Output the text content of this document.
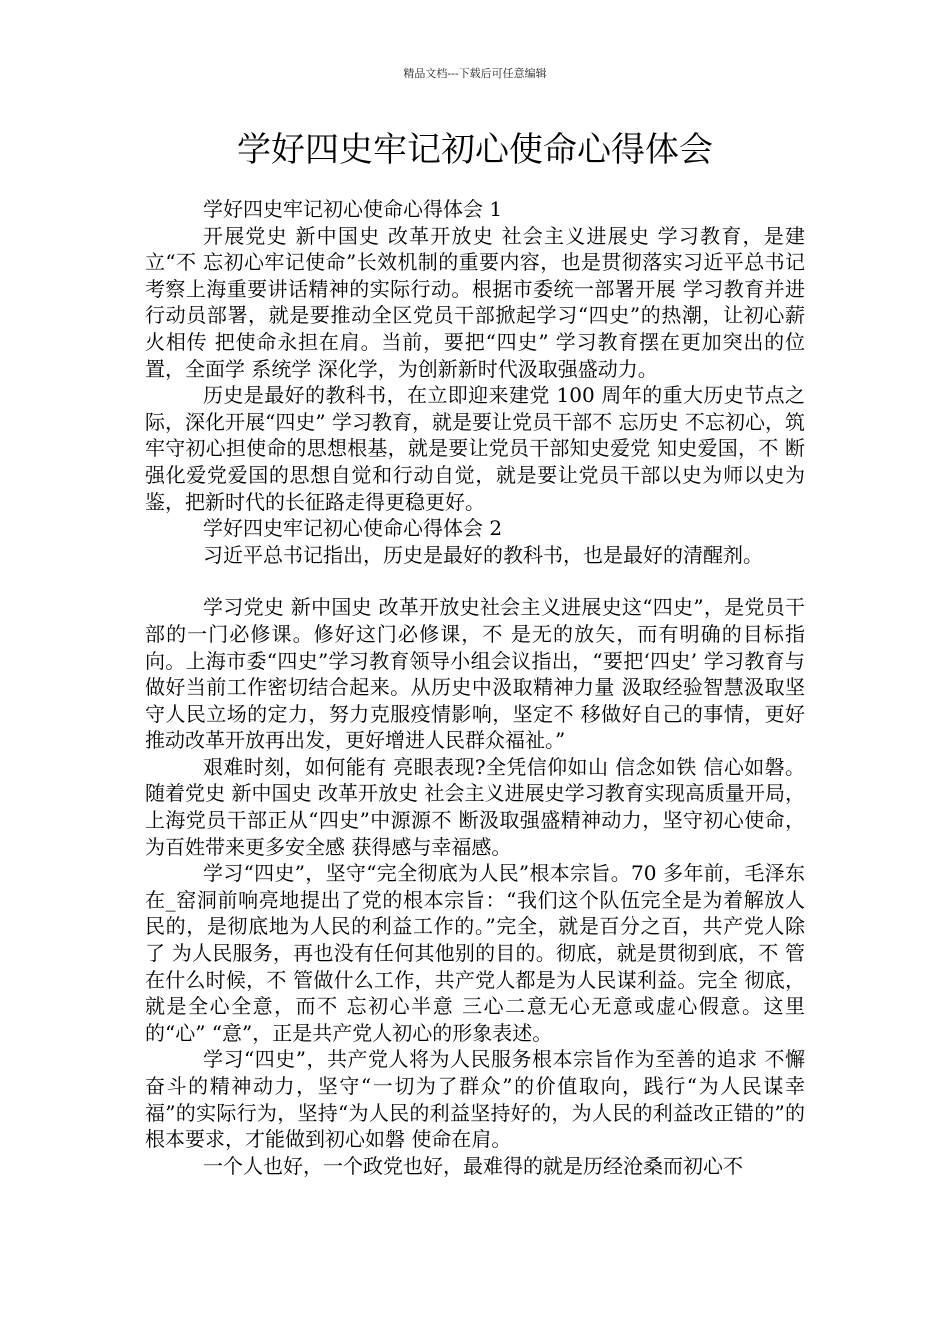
精品文档---下载后可任意编辑
学好四史牢记初心使命心得体会

学好四史牢记初心使命心得体会 1

开展党史 新中国史 改革开放史 社会主义进展史 学习教育，是建立“不 忘初心牢记使命”长效机制的重要内容，也是贯彻落实习近平总书记考察上海重要讲话精神的实际行动。根据市委统一部署开展 学习教育并进行动员部署，就是要推动全区党员干部掀起学习“四史”的热潮，让初心薪火相传 把使命永担在肩。当前，要把“四史” 学习教育摆在更加突出的位置，全面学 系统学 深化学，为创新新时代汲取强盛动力。

历史是最好的教科书，在立即迎来建党 100 周年的重大历史节点之际，深化开展“四史” 学习教育，就是要让党员干部不 忘历史 不忘初心，筑牢守初心担使命的思想根基，就是要让党员干部知史爱党 知史爱国，不 断强化爱党爱国的思想自觉和行动自觉，就是要让党员干部以史为师以史为鉴，把新时代的长征路走得更稳更好。

学好四史牢记初心使命心得体会 2

习近平总书记指出，历史是最好的教科书，也是最好的清醒剂。

学习党史 新中国史 改革开放史社会主义进展史这“四史”，是党员干部的一门必修课。修好这门必修课，不 是无的放矢，而有明确的目标指向。上海市委“四史”学习教育领导小组会议指出，“要把‘四史’ 学习教育与做好当前工作密切结合起来。从历史中汲取精神力量 汲取经验智慧汲取坚守人民立场的定力，努力克服疫情影响，坚定不 移做好自己的事情，更好推动改革开放再出发，更好增进人民群众福祉。”

艰难时刻，如何能有 亮眼表现?全凭信仰如山 信念如铁 信心如磐。随着党史 新中国史 改革开放史 社会主义进展史学习教育实现高质量开局，上海党员干部正从“四史”中源源不 断汲取强盛精神动力，坚守初心使命，为百姓带来更多安全感 获得感与幸福感。

学习“四史”，坚守“完全彻底为人民”根本宗旨。70 多年前，毛泽东在_窑洞前响亮地提出了党的根本宗旨：“我们这个队伍完全是为着解放人民的，是彻底地为人民的利益工作的。”完全，就是百分之百，共产党人除了 为人民服务，再也没有任何其他别的目的。彻底，就是贯彻到底，不 管在什么时候，不 管做什么工作，共产党人都是为人民谋利益。完全 彻底，就是全心全意，而不 忘初心半意 三心二意无心无意或虚心假意。这里的“心” “意”，正是共产党人初心的形象表述。

学习“四史”，共产党人将为人民服务根本宗旨作为至善的追求 不懈奋斗的精神动力，坚守“一切为了群众”的价值取向，践行“为人民谋幸福”的实际行为，坚持“为人民的利益坚持好的，为人民的利益改正错的”的根本要求，才能做到初心如磐 使命在肩。

一个人也好，一个政党也好，最难得的就是历经沧桑而初心不
